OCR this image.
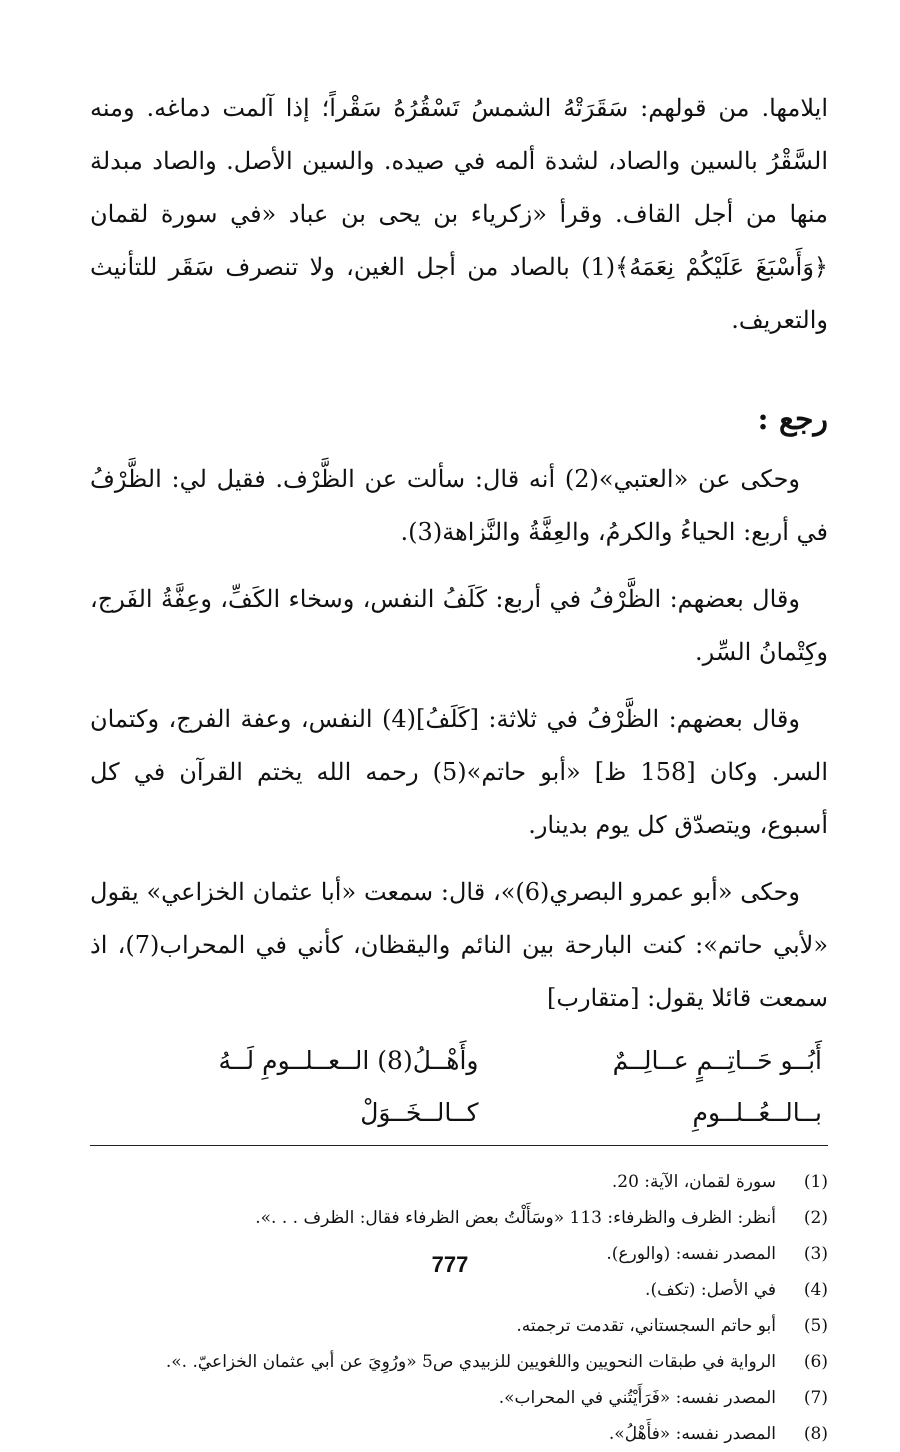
ايلامها. من قولهم: سَقَرَتْهُ الشمسُ تَسْقُرُهُ سَقْراً؛ إذا آلمت دماغه. ومنه السَّقْرُ بالسين والصاد، لشدة ألمه في صيده. والسين الأصل. والصاد مبدلة منها من أجل القاف. وقرأ «زكرياء بن يحى بن عباد «في سورة لقمان ﴿وَأَسْبَغَ عَلَيْكُمْ نِعَمَهُ﴾(1) بالصاد من أجل الغين، ولا تنصرف سَقَر للتأنيث والتعريف.

رجع :

وحكى عن «العتبي»(2) أنه قال: سألت عن الظَّرْف. فقيل لي: الظَّرْفُ في أربع: الحياءُ والكرمُ، والعِفَّةُ والنَّزاهة(3).

وقال بعضهم: الظَّرْفُ في أربع: كَلَفُ النفس، وسخاء الكَفِّ، وعِفَّةُ الفَرج، وكِتْمانُ السِّر.

وقال بعضهم: الظَّرْفُ في ثلاثة: [كَلَفُ](4) النفس، وعفة الفرج، وكتمان السر. وكان [158 ظ] «أبو حاتم»(5) رحمه الله يختم القرآن في كل أسبوع، ويتصدّق كل يوم بدينار.

وحكى «أبو عمرو البصري(6)»، قال: سمعت «أبا عثمان الخزاعي» يقول «لأبي حاتم»: كنت البارحة بين النائم واليقظان، كأني في المحراب(7)، اذ سمعت قائلا يقول: [متقارب]

أَبُــو حَــاتِــمٍ عــالِــمٌ بــالــعُــلــومِ
وأَهْــلُ(8) الــعــلــومِ لَــهُ كــالــخَــوَلْ
(1)
سورة لقمان، الآية: 20.
(2)
أنظر: الظرف والظرفاء: 113 «وسَأَلْتُ بعض الظرفاء فقال: الظرف . . .».
(3)
المصدر نفسه: (والورع).
(4)
في الأصل: (تكف).
(5)
أبو حاتم السجستاني، تقدمت ترجمته.
(6)
الرواية في طبقات النحويين واللغويين للزبيدي ص5 «ورُوِيَ عن أبي عثمان الخزاعيّ. .».
(7)
المصدر نفسه: «فَرَأَيْتُني في المحراب».
(8)
المصدر نفسه: «فأَهْلُ».
777
